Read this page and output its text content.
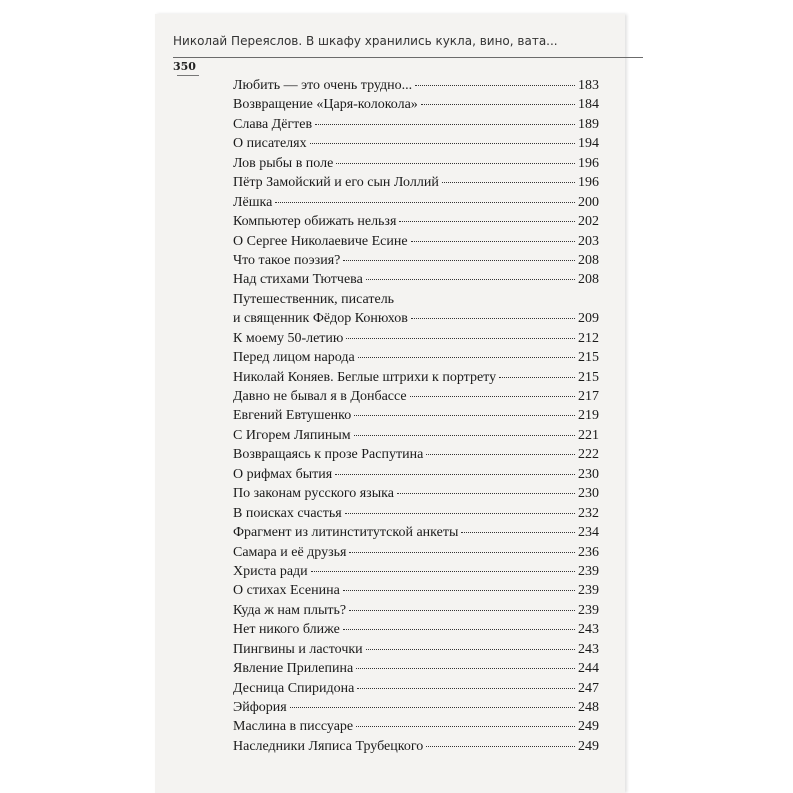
Николай Переяслов. В шкафу хранились кукла, вино, вата...
350
Любить — это очень трудно...	183
Возвращение «Царя-колокола»	184
Слава Дёгтев	189
О писателях	194
Лов рыбы в поле	196
Пётр Замойский и его сын Лоллий	196
Лёшка	200
Компьютер обижать нельзя	202
О Сергее Николаевиче Есине	203
Что такое поэзия?	208
Над стихами Тютчева	208
Путешественник, писатель
и священник Фёдор Конюхов	209
К моему 50-летию	212
Перед лицом народа	215
Николай Коняев. Беглые штрихи к портрету	215
Давно не бывал я в Донбассе	217
Евгений Евтушенко	219
С Игорем Ляпиным	221
Возвращаясь к прозе Распутина	222
О рифмах бытия	230
По законам русского языка	230
В поисках счастья	232
Фрагмент из литинститутской анкеты	234
Самара и её друзья	236
Христа ради	239
О стихах Есенина	239
Куда ж нам плыть?	239
Нет никого ближе	243
Пингвины и ласточки	243
Явление Прилепина	244
Десница Спиридона	247
Эйфория	248
Маслина в писсуаре	249
Наследники Ляписа Трубецкого	249
